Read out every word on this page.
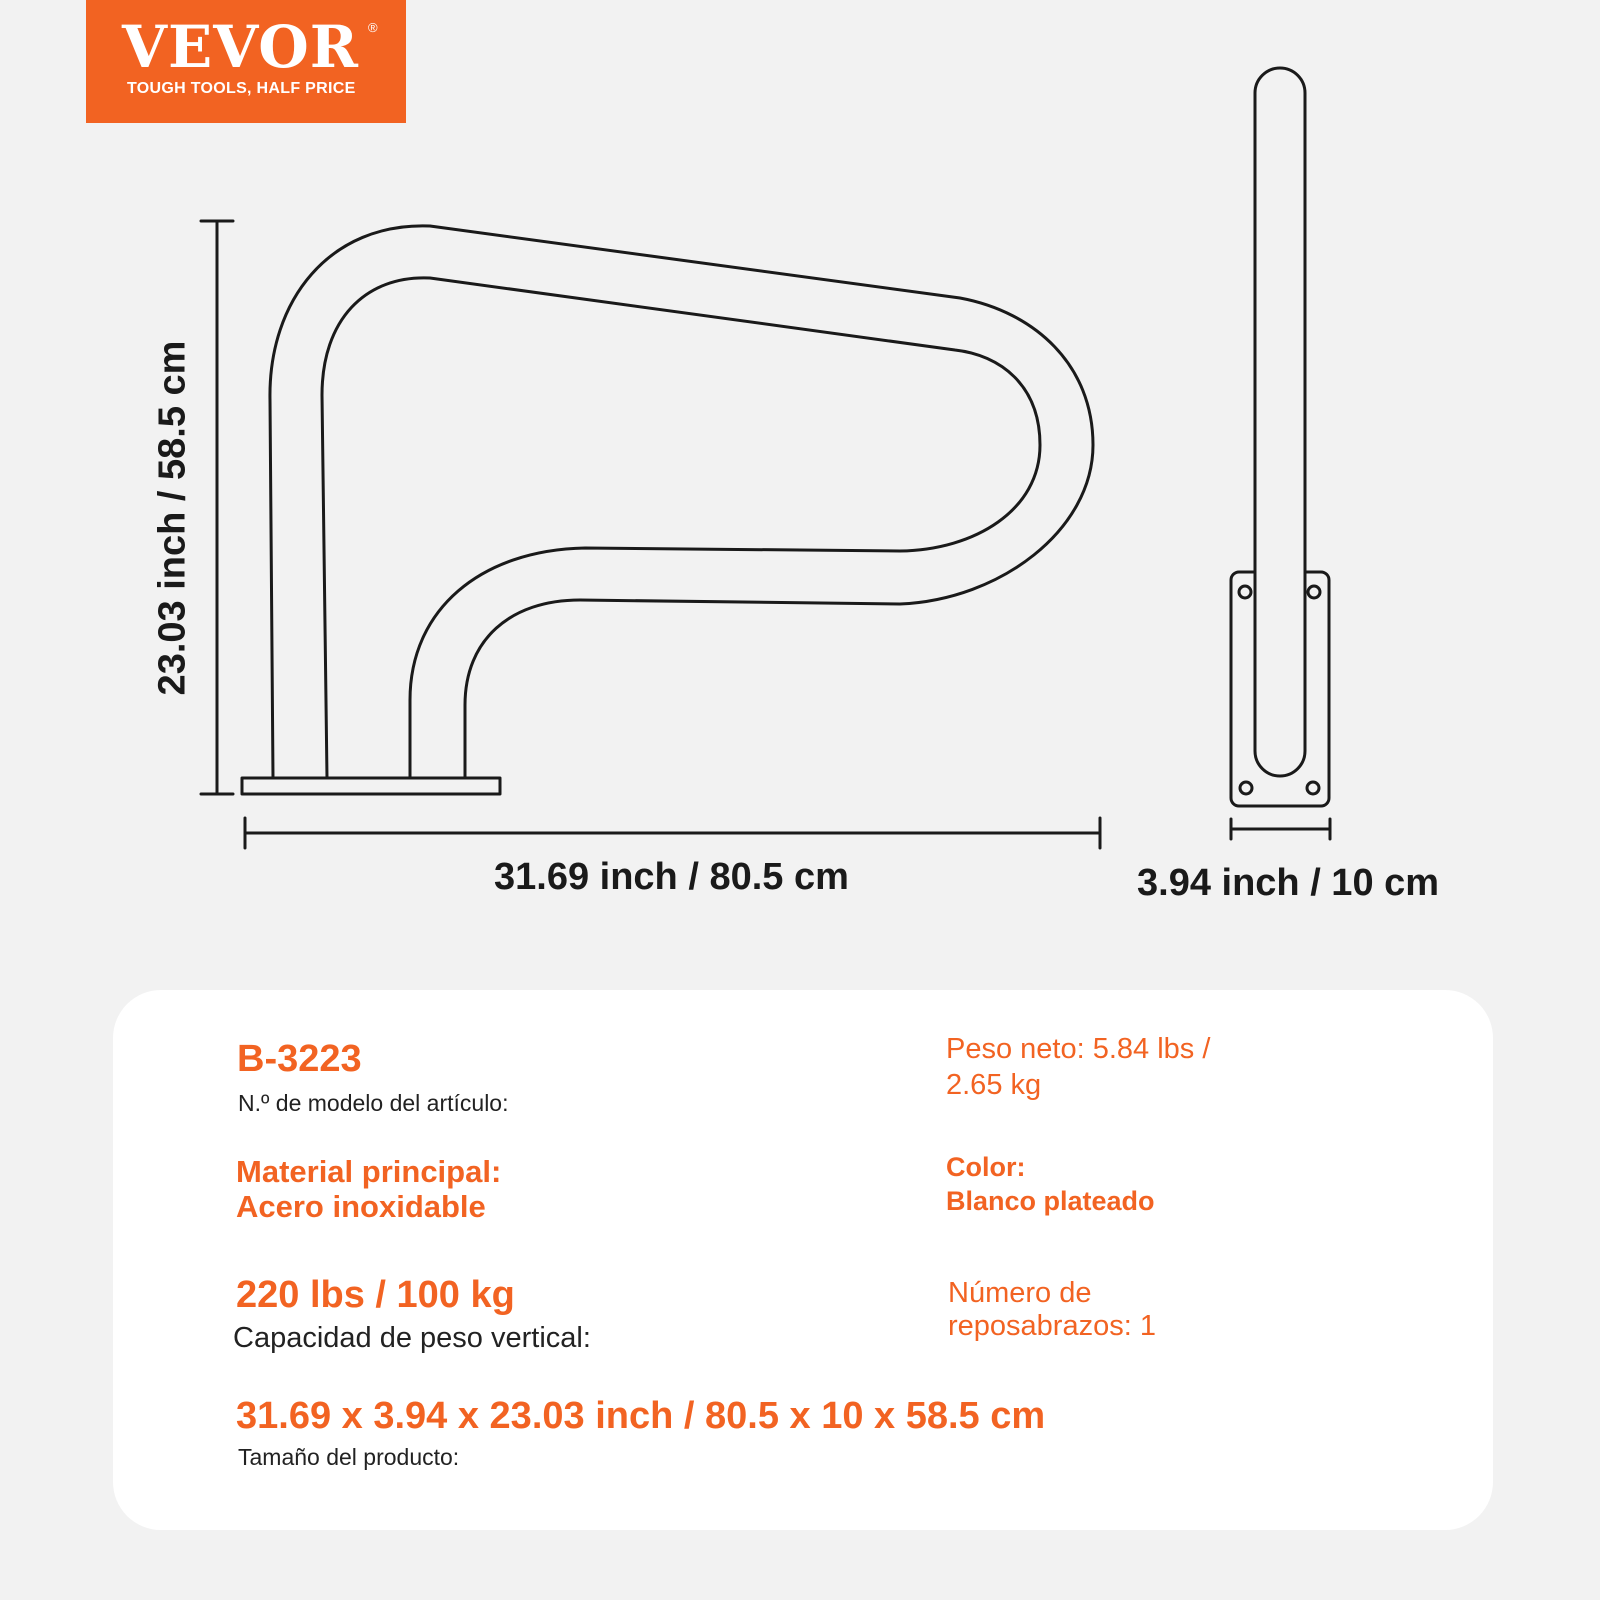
VEVOR ®
TOUGH TOOLS, HALF PRICE
31.69 inch / 80.5 cm
23.03 inch / 58.5 cm
3.94 inch / 10 cm
B-3223
N.º de modelo del artículo:
Peso neto: 5.84 lbs /
2.65 kg
Material principal:
Acero inoxidable
Color:
Blanco plateado
220 lbs / 100 kg
Capacidad de peso vertical:
Número de
reposabrazos: 1
31.69 x 3.94 x 23.03 inch / 80.5 x 10 x 58.5 cm
Tamaño del producto:
